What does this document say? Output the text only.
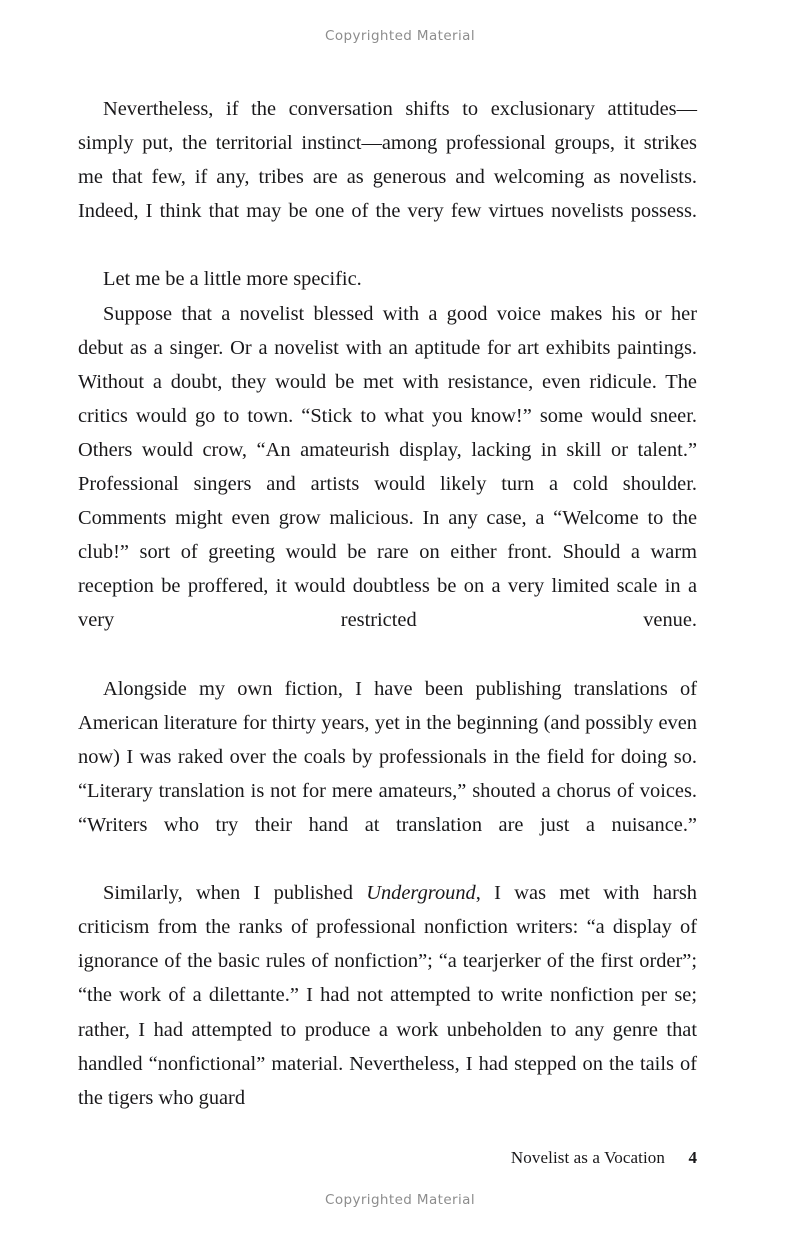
Copyrighted Material

Nevertheless, if the conversation shifts to exclusionary attitudes—simply put, the territorial instinct—among professional groups, it strikes me that few, if any, tribes are as generous and welcoming as novelists. Indeed, I think that may be one of the very few virtues novelists possess.

Let me be a little more specific.

Suppose that a novelist blessed with a good voice makes his or her debut as a singer. Or a novelist with an aptitude for art exhibits paintings. Without a doubt, they would be met with resistance, even ridicule. The critics would go to town. “Stick to what you know!” some would sneer. Others would crow, “An amateurish display, lacking in skill or talent.” Professional singers and artists would likely turn a cold shoulder. Comments might even grow malicious. In any case, a “Welcome to the club!” sort of greeting would be rare on either front. Should a warm reception be proffered, it would doubtless be on a very limited scale in a very restricted venue.

Alongside my own fiction, I have been publishing translations of American literature for thirty years, yet in the beginning (and possibly even now) I was raked over the coals by professionals in the field for doing so. “Literary translation is not for mere amateurs,” shouted a chorus of voices. “Writers who try their hand at translation are just a nuisance.”

Similarly, when I published Underground, I was met with harsh criticism from the ranks of professional nonfiction writers: “a display of ignorance of the basic rules of nonfiction”; “a tearjerker of the first order”; “the work of a dilettante.” I had not attempted to write nonfiction per se; rather, I had attempted to produce a work unbeholden to any genre that handled “nonfictional” material. Nevertheless, I had stepped on the tails of the tigers who guard

Novelist as a Vocation 4
Copyrighted Material
